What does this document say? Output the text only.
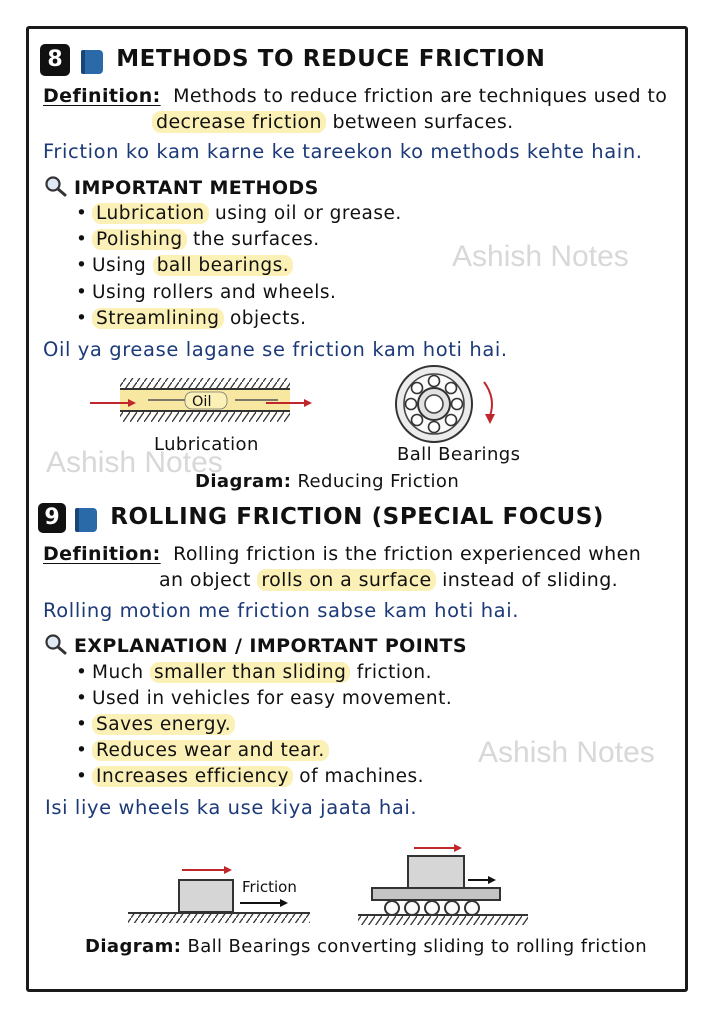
Ashish Notes
Ashish Notes
Ashish Notes
8 METHODS TO REDUCE FRICTION
Definition: Methods to reduce friction are techniques used to
decrease friction between surfaces.
Friction ko kam karne ke tareekon ko methods kehte hain.
IMPORTANT METHODS
• Lubrication using oil or grease.
• Polishing the surfaces.
• Using ball bearings.
• Using rollers and wheels.
• Streamlining objects.
Oil ya grease lagane se friction kam hoti hai.
Oil
Lubrication	Ball Bearings
Diagram: Reducing Friction
9 ROLLING FRICTION (SPECIAL FOCUS)
Definition: Rolling friction is the friction experienced when
an object rolls on a surface instead of sliding.
Rolling motion me friction sabse kam hoti hai.
EXPLANATION / IMPORTANT POINTS
• Much smaller than sliding friction.
• Used in vehicles for easy movement.
• Saves energy.
• Reduces wear and tear.
• Increases efficiency of machines.
Isi liye wheels ka use kiya jaata hai.
Friction
Diagram: Ball Bearings converting sliding to rolling friction
